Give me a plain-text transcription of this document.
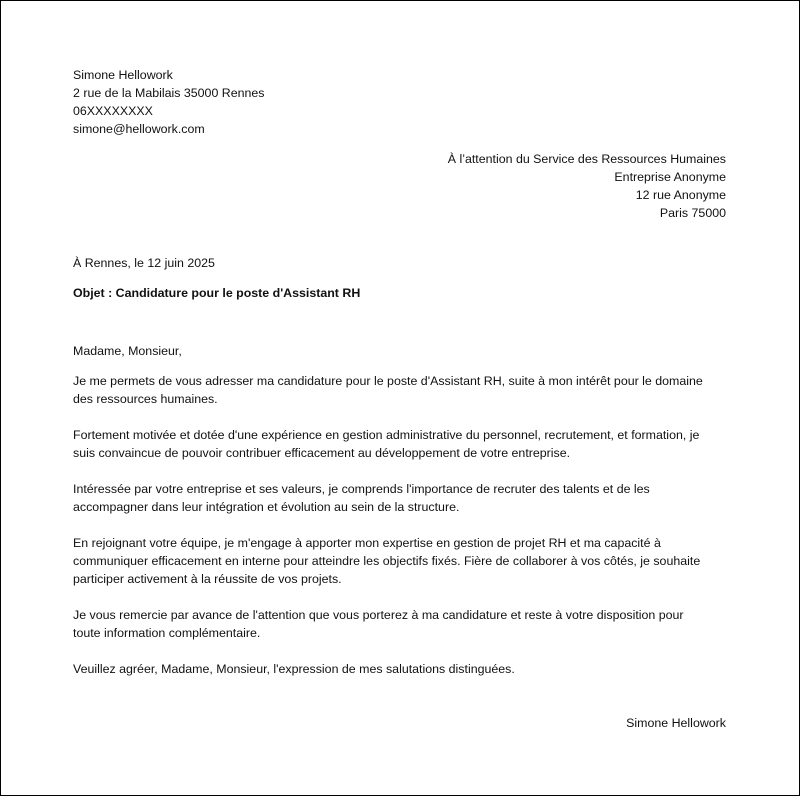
Simone Hellowork
2 rue de la Mabilais 35000 Rennes
06XXXXXXXX
simone@hellowork.com
À l’attention du Service des Ressources Humaines
Entreprise Anonyme
12 rue Anonyme
Paris 75000
À Rennes, le 12 juin 2025
Objet : Candidature pour le poste d'Assistant RH
Madame, Monsieur,
Je me permets de vous adresser ma candidature pour le poste d'Assistant RH, suite à mon intérêt pour le domaine
des ressources humaines.
Fortement motivée et dotée d'une expérience en gestion administrative du personnel, recrutement, et formation, je
suis convaincue de pouvoir contribuer efficacement au développement de votre entreprise.
Intéressée par votre entreprise et ses valeurs, je comprends l'importance de recruter des talents et de les
accompagner dans leur intégration et évolution au sein de la structure.
En rejoignant votre équipe, je m'engage à apporter mon expertise en gestion de projet RH et ma capacité à
communiquer efficacement en interne pour atteindre les objectifs fixés. Fière de collaborer à vos côtés, je souhaite
participer activement à la réussite de vos projets.
Je vous remercie par avance de l'attention que vous porterez à ma candidature et reste à votre disposition pour
toute information complémentaire.
Veuillez agréer, Madame, Monsieur, l'expression de mes salutations distinguées.
Simone Hellowork
